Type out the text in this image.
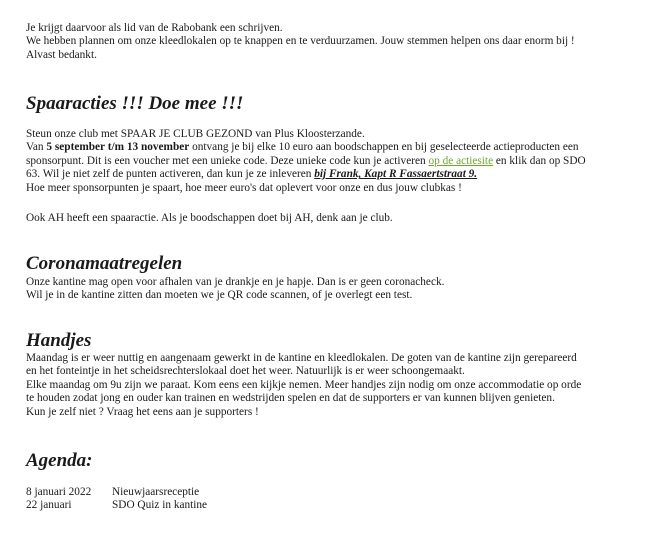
Je krijgt daarvoor als lid van de Rabobank een schrijven.
We hebben plannen om onze kleedlokalen op te knappen en te verduurzamen. Jouw stemmen helpen ons daar enorm bij !
Alvast bedankt.
Spaaracties !!! Doe mee !!!
Steun onze club met SPAAR JE CLUB GEZOND van Plus Kloosterzande.
Van 5 september t/m 13 november ontvang je bij elke 10 euro aan boodschappen en bij geselecteerde actieproducten een
sponsorpunt. Dit is een voucher met een unieke code. Deze unieke code kun je activeren op de actiesite en klik dan op SDO
63. Wil je niet zelf de punten activeren, dan kun je ze inleveren bij Frank, Kapt R Fassaertstraat 9.
Hoe meer sponsorpunten je spaart, hoe meer euro's dat oplevert voor onze en dus jouw clubkas !
Ook AH heeft een spaaractie. Als je boodschappen doet bij AH, denk aan je club.
Coronamaatregelen
Onze kantine mag open voor afhalen van je drankje en je hapje. Dan is er geen coronacheck.
Wil je in de kantine zitten dan moeten we je QR code scannen, of je overlegt een test.
Handjes
Maandag is er weer nuttig en aangenaam gewerkt in de kantine en kleedlokalen. De goten van de kantine zijn gerepareerd
en het fonteintje in het scheidsrechterslokaal doet het weer. Natuurlijk is er weer schoongemaakt.
Elke maandag om 9u zijn we paraat. Kom eens een kijkje nemen. Meer handjes zijn nodig om onze accommodatie op orde
te houden zodat jong en ouder kan trainen en wedstrijden spelen en dat de supporters er van kunnen blijven genieten.
Kun je zelf niet ? Vraag het eens aan je supporters !
Agenda:
8 januari 2022 Nieuwjaarsreceptie
22 januari	SDO Quiz in kantine
